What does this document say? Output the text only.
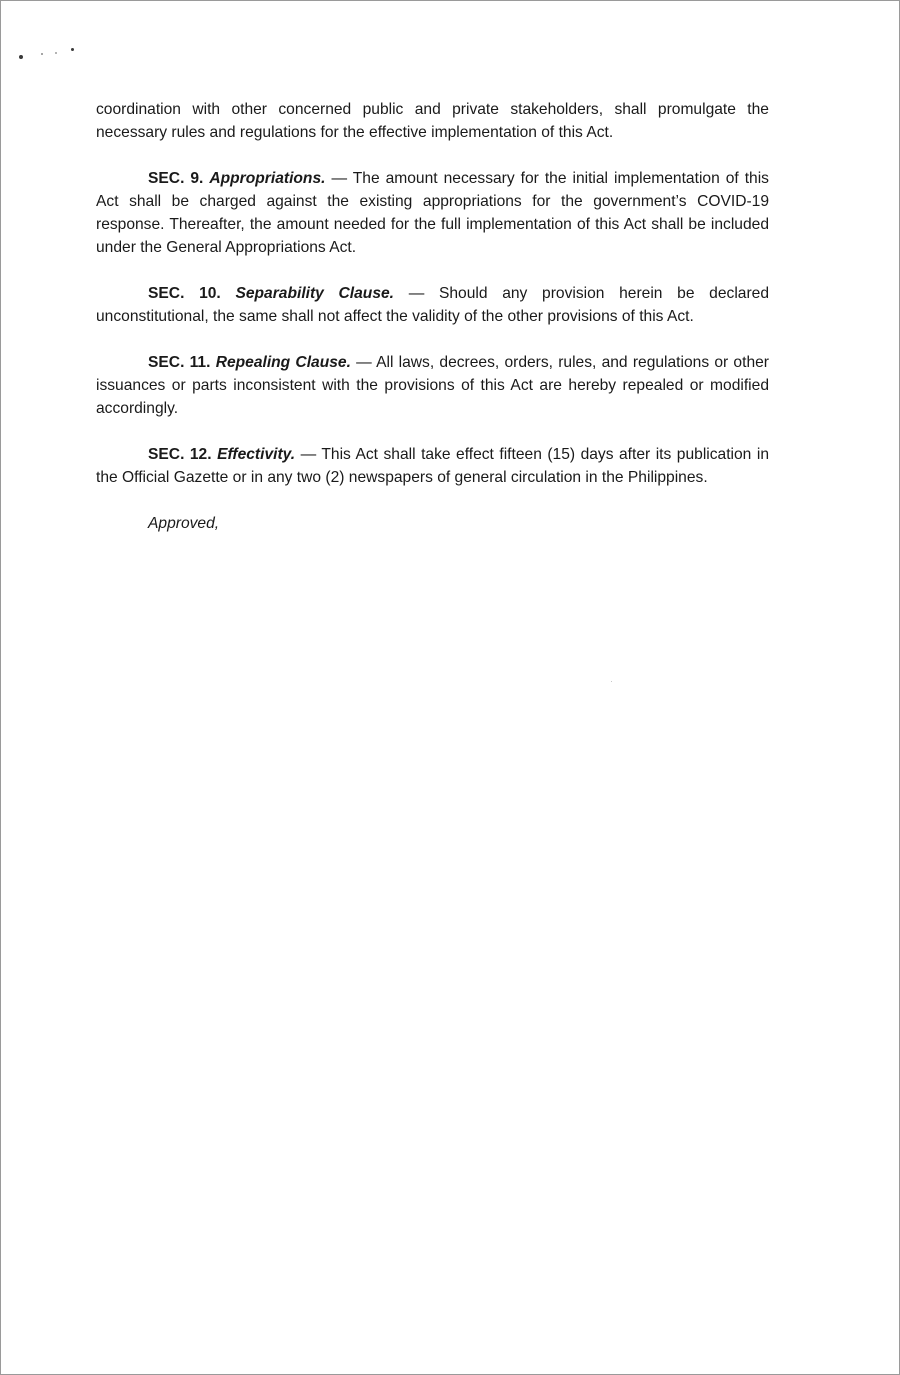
coordination with other concerned public and private stakeholders, shall promulgate the necessary rules and regulations for the effective implementation of this Act.

SEC. 9. Appropriations. — The amount necessary for the initial implementation of this Act shall be charged against the existing appropriations for the government’s COVID-19 response. Thereafter, the amount needed for the full implementation of this Act shall be included under the General Appropriations Act.

SEC. 10. Separability Clause. — Should any provision herein be declared unconstitutional, the same shall not affect the validity of the other provisions of this Act.

SEC. 11. Repealing Clause. — All laws, decrees, orders, rules, and regulations or other issuances or parts inconsistent with the provisions of this Act are hereby repealed or modified accordingly.

SEC. 12. Effectivity. — This Act shall take effect fifteen (15) days after its publication in the Official Gazette or in any two (2) newspapers of general circulation in the Philippines.

Approved,
